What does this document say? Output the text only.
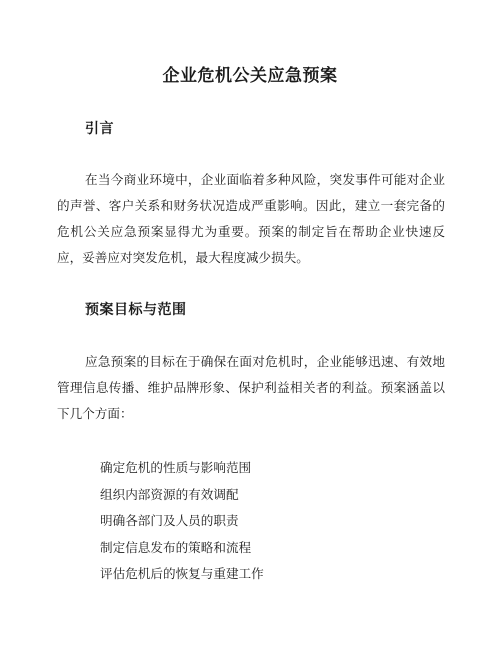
企业危机公关应急预案
引言

在当今商业环境中，企业面临着多种风险，突发事件可能对企业的声誉、客户关系和财务状况造成严重影响。因此，建立一套完备的危机公关应急预案显得尤为重要。预案的制定旨在帮助企业快速反应，妥善应对突发危机，最大程度减少损失。

预案目标与范围

应急预案的目标在于确保在面对危机时，企业能够迅速、有效地管理信息传播、维护品牌形象、保护利益相关者的利益。预案涵盖以下几个方面：

确定危机的性质与影响范围
组织内部资源的有效调配
明确各部门及人员的职责
制定信息发布的策略和流程
评估危机后的恢复与重建工作
